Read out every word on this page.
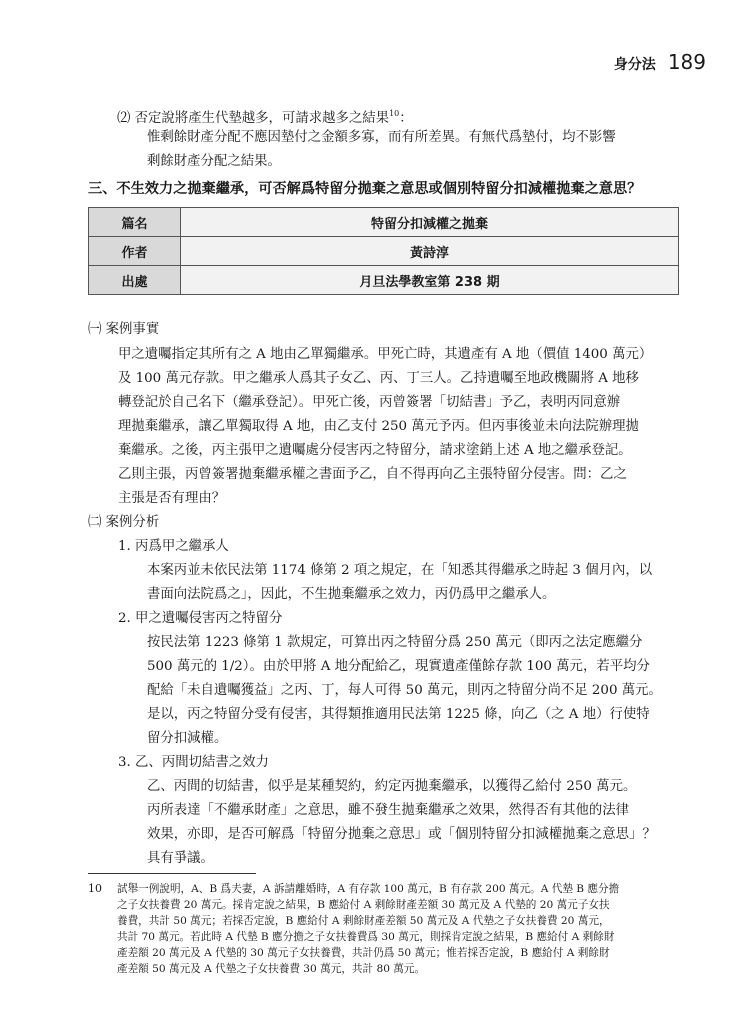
身分法 189
⑵ 否定說將產生代墊越多，可請求越多之結果$^{10}$：
惟剩餘財產分配不應因墊付之金額多寡，而有所差異。有無代爲墊付，均不影響
剩餘財產分配之結果。
三、不生效力之拋棄繼承，可否解爲特留分拋棄之意思或個別特留分扣減權拋棄之意思？
篇名	特留分扣減權之拋棄
作者	黃詩淳
出處	月旦法學教室第 238 期
㈠ 案例事實
甲之遺囑指定其所有之 A 地由乙單獨繼承。甲死亡時，其遺產有 A 地（價值 1400 萬元）
及 100 萬元存款。甲之繼承人爲其子女乙、丙、丁三人。乙持遺囑至地政機關將 A 地移
轉登記於自己名下（繼承登記）。甲死亡後，丙曾簽署「切結書」予乙，表明丙同意辦
理拋棄繼承，讓乙單獨取得 A 地，由乙支付 250 萬元予丙。但丙事後並未向法院辦理拋
棄繼承。之後，丙主張甲之遺囑處分侵害丙之特留分，請求塗銷上述 A 地之繼承登記。
乙則主張，丙曾簽署拋棄繼承權之書面予乙，自不得再向乙主張特留分侵害。問：乙之
主張是否有理由？
㈡ 案例分析
1. 丙爲甲之繼承人
本案丙並未依民法第 1174 條第 2 項之規定，在「知悉其得繼承之時起 3 個月內，以
書面向法院爲之」，因此，不生拋棄繼承之效力，丙仍爲甲之繼承人。
2. 甲之遺囑侵害丙之特留分
按民法第 1223 條第 1 款規定，可算出丙之特留分爲 250 萬元（即丙之法定應繼分
500 萬元的 1/2）。由於甲將 A 地分配給乙，現實遺產僅餘存款 100 萬元，若平均分
配給「未自遺囑獲益」之丙、丁，每人可得 50 萬元，則丙之特留分尚不足 200 萬元。
是以，丙之特留分受有侵害，其得類推適用民法第 1225 條，向乙（之 A 地）行使特
留分扣減權。
3. 乙、丙間切結書之效力
乙、丙間的切結書，似乎是某種契約，約定丙拋棄繼承，以獲得乙給付 250 萬元。
丙所表達「不繼承財產」之意思，雖不發生拋棄繼承之效果，然得否有其他的法律
效果，亦即，是否可解爲「特留分拋棄之意思」或「個別特留分扣減權拋棄之意思」？
具有爭議。
10 試舉一例說明，A、B 爲夫妻，A 訴請離婚時，A 有存款 100 萬元，B 有存款 200 萬元。A 代墊 B 應分擔
之子女扶養費 20 萬元。採肯定說之結果，B 應給付 A 剩餘財產差額 30 萬元及 A 代墊的 20 萬元子女扶
養費，共計 50 萬元；若採否定說，B 應給付 A 剩餘財產差額 50 萬元及 A 代墊之子女扶養費 20 萬元，
共計 70 萬元。若此時 A 代墊 B 應分擔之子女扶養費爲 30 萬元，則採肯定說之結果，B 應給付 A 剩餘財
產差額 20 萬元及 A 代墊的 30 萬元子女扶養費，共計仍爲 50 萬元；惟若採否定說，B 應給付 A 剩餘財
產差額 50 萬元及 A 代墊之子女扶養費 30 萬元，共計 80 萬元。
